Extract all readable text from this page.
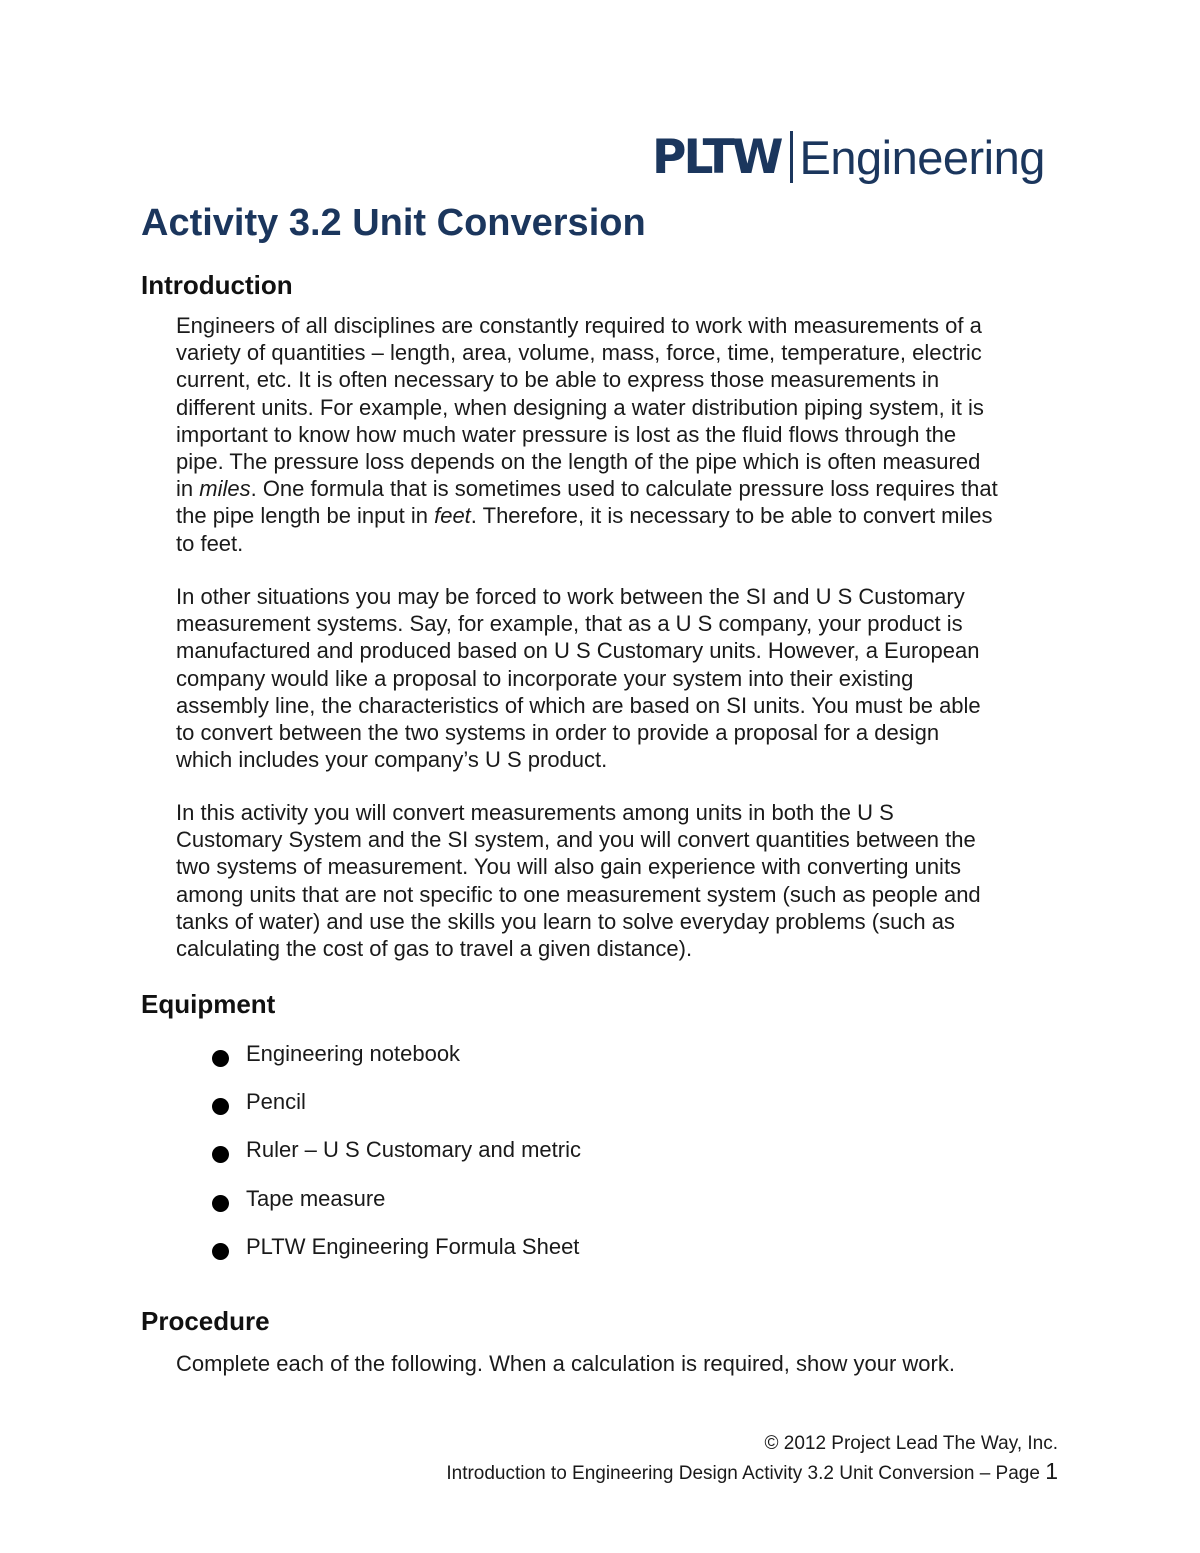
PLTW Engineering
Activity 3.2 Unit Conversion
Introduction
Engineers of all disciplines are constantly required to work with measurements of a
variety of quantities – length, area, volume, mass, force, time, temperature, electric
current, etc. It is often necessary to be able to express those measurements in
different units. For example, when designing a water distribution piping system, it is
important to know how much water pressure is lost as the fluid flows through the
pipe. The pressure loss depends on the length of the pipe which is often measured
in miles. One formula that is sometimes used to calculate pressure loss requires that
the pipe length be input in feet. Therefore, it is necessary to be able to convert miles
to feet.
In other situations you may be forced to work between the SI and U S Customary
measurement systems. Say, for example, that as a U S company, your product is
manufactured and produced based on U S Customary units. However, a European
company would like a proposal to incorporate your system into their existing
assembly line, the characteristics of which are based on SI units. You must be able
to convert between the two systems in order to provide a proposal for a design
which includes your company’s U S product.
In this activity you will convert measurements among units in both the U S
Customary System and the SI system, and you will convert quantities between the
two systems of measurement. You will also gain experience with converting units
among units that are not specific to one measurement system (such as people and
tanks of water) and use the skills you learn to solve everyday problems (such as
calculating the cost of gas to travel a given distance).
Equipment
Engineering notebook
Pencil
Ruler – U S Customary and metric
Tape measure
PLTW Engineering Formula Sheet
Procedure
Complete each of the following. When a calculation is required, show your work.
© 2012 Project Lead The Way, Inc.
Introduction to Engineering Design Activity 3.2 Unit Conversion – Page 1
